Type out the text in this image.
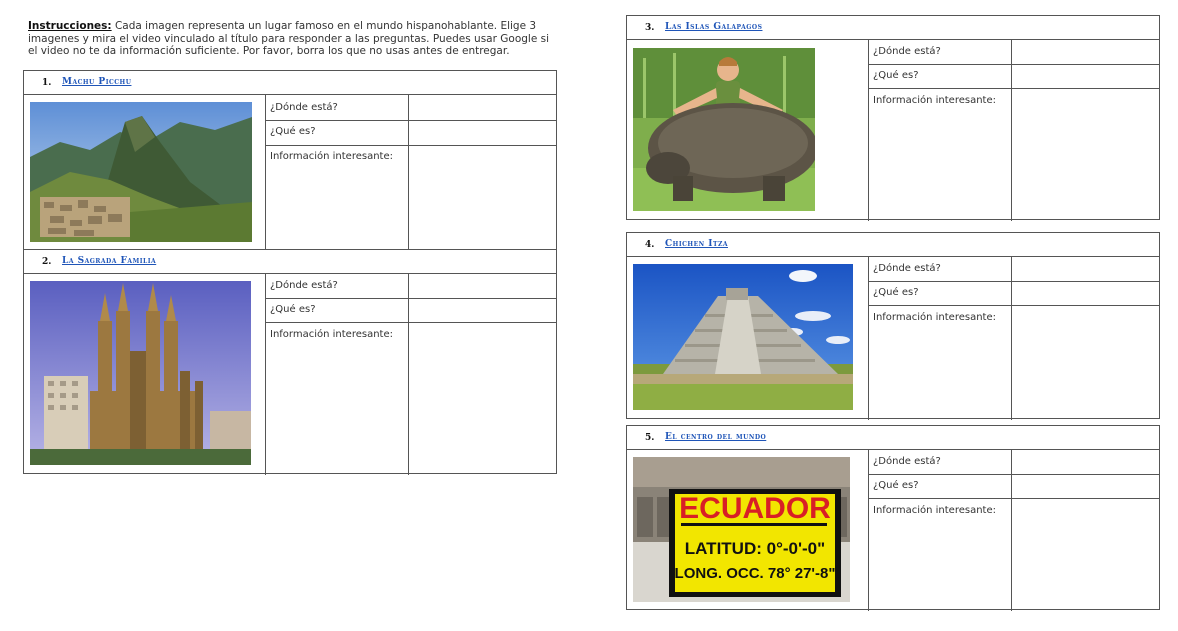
Instrucciones: Cada imagen representa un lugar famoso en el mundo hispanohablante. Elige 3 imagenes y mira el video vinculado al título para responder a las preguntas. Puedes usar Google si el video no te da información suficiente. Por favor, borra los que no usas antes de entregar.
1. Machu Picchu
¿Dónde está?
¿Qué es?
Información interesante:
2. La Sagrada Familia
¿Dónde está?
¿Qué es?
Información interesante:
3. Las Islas Galapagos
¿Dónde está?
¿Qué es?
Información interesante:
4. Chichen Itza
¿Dónde está?
¿Qué es?
Información interesante:
5. El centro del mundo
ECUADOR
LATITUD: 0°-0'-0"
LONG. OCC. 78° 27'-8"
¿Dónde está?
¿Qué es?
Información interesante:
